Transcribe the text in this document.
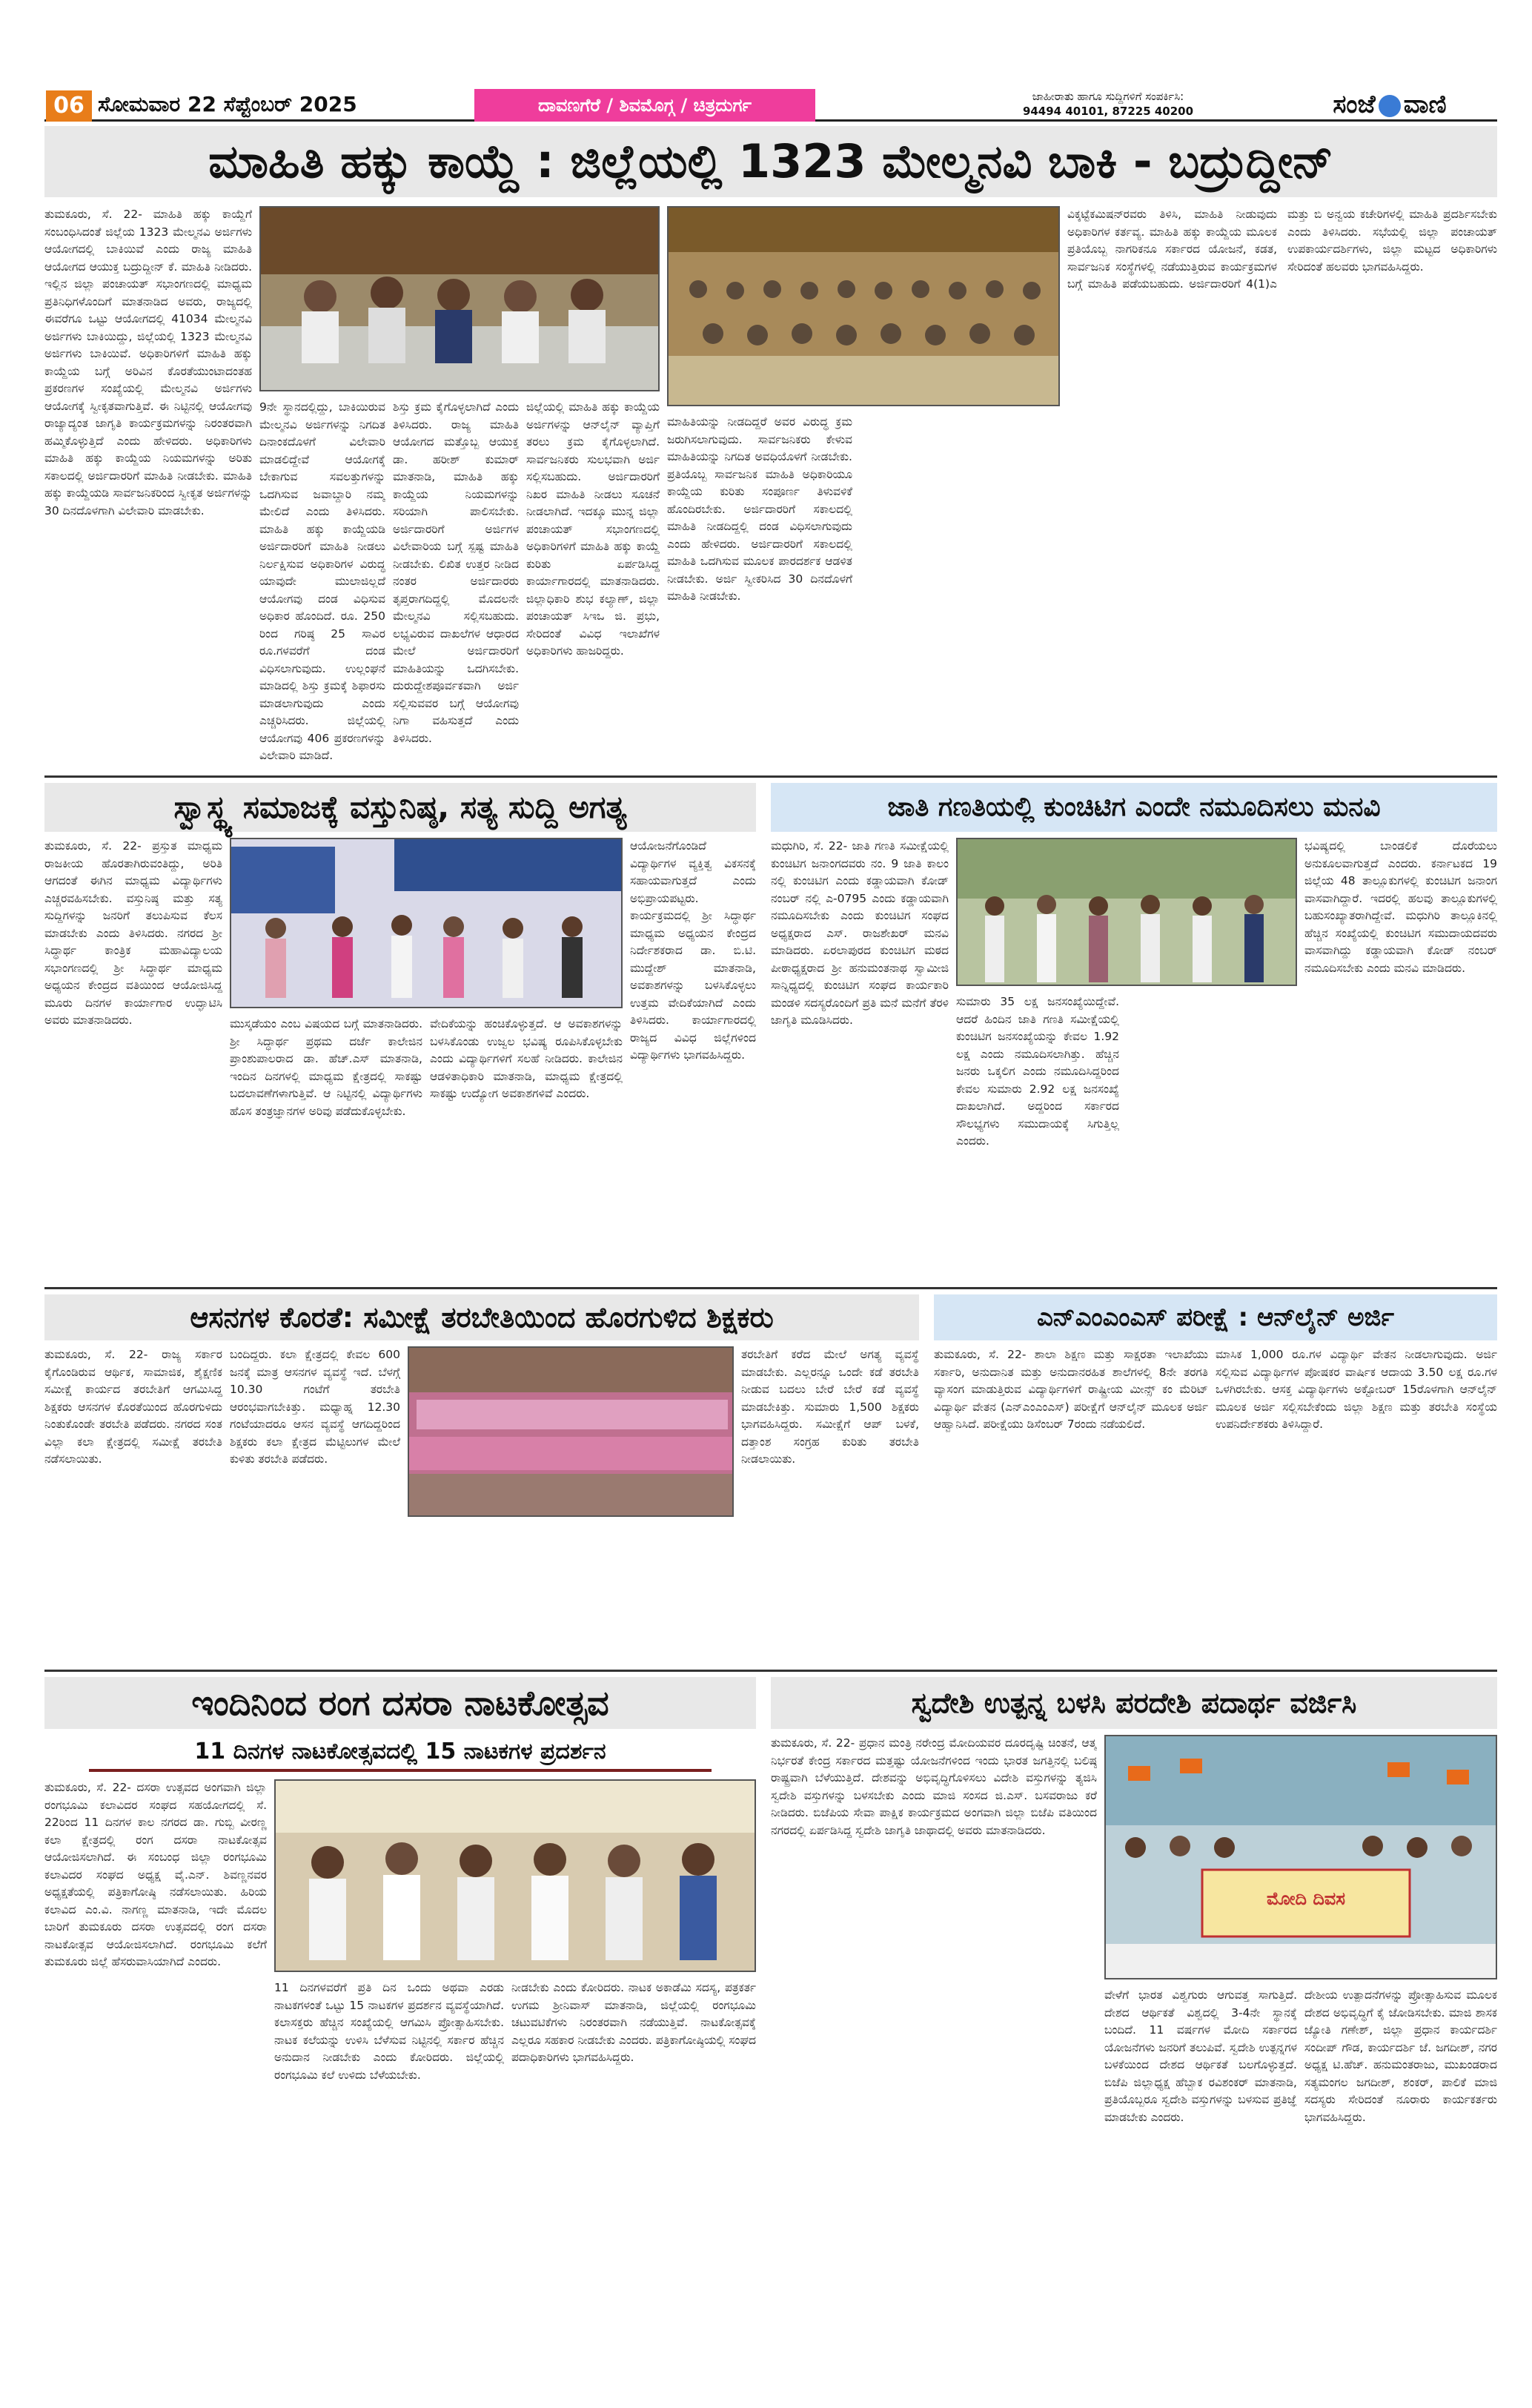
06 ಸೋಮವಾರ 22 ಸೆಪ್ಟೆಂಬರ್ 2025	ದಾವಣಗೆರೆ / ಶಿವಮೊಗ್ಗ / ಚಿತ್ರದುರ್ಗ	ಜಾಹೀರಾತು ಹಾಗೂ ಸುದ್ದಿಗಳಿಗೆ ಸಂಪರ್ಕಿಸಿ:
94494 40101, 87225 40200	ಸಂಜೆ ವಾಣಿ
ಮಾಹಿತಿ ಹಕ್ಕು ಕಾಯ್ದೆ : ಜಿಲ್ಲೆಯಲ್ಲಿ 1323 ಮೇಲ್ಮನವಿ ಬಾಕಿ - ಬದ್ರುದ್ದೀನ್
ತುಮಕೂರು, ಸೆ. 22- ಮಾಹಿತಿ ಹಕ್ಕು ಕಾಯ್ದೆಗೆ ಸಂಬಂಧಿಸಿದಂತೆ ಜಿಲ್ಲೆಯ 1323 ಮೇಲ್ಮನವಿ ಅರ್ಜಿಗಳು ಆಯೋಗದಲ್ಲಿ ಬಾಕಿಯಿವೆ ಎಂದು ರಾಜ್ಯ ಮಾಹಿತಿ ಆಯೋಗದ ಆಯುಕ್ತ ಬದ್ರುದ್ದೀನ್ ಕೆ. ಮಾಹಿತಿ ನೀಡಿದರು. ಇಲ್ಲಿನ ಜಿಲ್ಲಾ ಪಂಚಾಯತ್ ಸಭಾಂಗಣದಲ್ಲಿ ಮಾಧ್ಯಮ ಪ್ರತಿನಿಧಿಗಳೊಂದಿಗೆ ಮಾತನಾಡಿದ ಅವರು, ರಾಜ್ಯದಲ್ಲಿ ಈವರೆಗೂ ಒಟ್ಟು ಆಯೋಗದಲ್ಲಿ 41034 ಮೇಲ್ಮನವಿ ಅರ್ಜಿಗಳು ಬಾಕಿಯಿದ್ದು, ಜಿಲ್ಲೆಯಲ್ಲಿ 1323 ಮೇಲ್ಮನವಿ ಅರ್ಜಿಗಳು ಬಾಕಿಯಿವೆ. ಅಧಿಕಾರಿಗಳಿಗೆ ಮಾಹಿತಿ ಹಕ್ಕು ಕಾಯ್ದೆಯ ಬಗ್ಗೆ ಅರಿವಿನ ಕೊರತೆಯುಂಟಾದಂತಹ ಪ್ರಕರಣಗಳ ಸಂಖ್ಯೆಯಲ್ಲಿ ಮೇಲ್ಮನವಿ ಅರ್ಜಿಗಳು ಆಯೋಗಕ್ಕೆ ಸ್ವೀಕೃತವಾಗುತ್ತಿವೆ. ಈ ನಿಟ್ಟಿನಲ್ಲಿ ಆಯೋಗವು ರಾಜ್ಯಾದ್ಯಂತ ಜಾಗೃತಿ ಕಾರ್ಯಕ್ರಮಗಳನ್ನು ನಿರಂತರವಾಗಿ ಹಮ್ಮಿಕೊಳ್ಳುತ್ತಿದೆ ಎಂದು ಹೇಳಿದರು. ಅಧಿಕಾರಿಗಳು ಮಾಹಿತಿ ಹಕ್ಕು ಕಾಯ್ದೆಯ ನಿಯಮಗಳನ್ನು ಅರಿತು ಸಕಾಲದಲ್ಲಿ ಅರ್ಜಿದಾರರಿಗೆ ಮಾಹಿತಿ ನೀಡಬೇಕು. ಮಾಹಿತಿ ಹಕ್ಕು ಕಾಯ್ದೆಯಡಿ ಸಾರ್ವಜನಿಕರಿಂದ ಸ್ವೀಕೃತ ಅರ್ಜಿಗಳನ್ನು 30 ದಿನದೊಳಗಾಗಿ ವಿಲೇವಾರಿ ಮಾಡಬೇಕು.
9ನೇ ಸ್ಥಾನದಲ್ಲಿದ್ದು, ಬಾಕಿಯಿರುವ ಮೇಲ್ಮನವಿ ಅರ್ಜಿಗಳನ್ನು ನಿಗದಿತ ದಿನಾಂಕದೊಳಗೆ ವಿಲೇವಾರಿ ಮಾಡಲಿದ್ದೇವೆ ಆಯೋಗಕ್ಕೆ ಬೇಕಾಗುವ ಸವಲತ್ತುಗಳನ್ನು ಒದಗಿಸುವ ಜವಾಬ್ದಾರಿ ನಮ್ಮ ಮೇಲಿದೆ ಎಂದು ತಿಳಿಸಿದರು. ಮಾಹಿತಿ ಹಕ್ಕು ಕಾಯ್ದೆಯಡಿ ಅರ್ಜಿದಾರರಿಗೆ ಮಾಹಿತಿ ನೀಡಲು ನಿರ್ಲಕ್ಷಿಸುವ ಅಧಿಕಾರಿಗಳ ವಿರುದ್ಧ ಯಾವುದೇ ಮುಲಾಜಿಲ್ಲದೆ ಆಯೋಗವು ದಂಡ ವಿಧಿಸುವ ಅಧಿಕಾರ ಹೊಂದಿದೆ. ರೂ. 250 ರಿಂದ ಗರಿಷ್ಠ 25 ಸಾವಿರ ರೂ.ಗಳವರೆಗೆ ದಂಡ ವಿಧಿಸಲಾಗುವುದು. ಉಲ್ಲಂಘನೆ ಮಾಡಿದಲ್ಲಿ ಶಿಸ್ತು ಕ್ರಮಕ್ಕೆ ಶಿಫಾರಸು ಮಾಡಲಾಗುವುದು ಎಂದು ಎಚ್ಚರಿಸಿದರು. ಜಿಲ್ಲೆಯಲ್ಲಿ ಆಯೋಗವು 406 ಪ್ರಕರಣಗಳನ್ನು ವಿಲೇವಾರಿ ಮಾಡಿದೆ.
ಶಿಸ್ತು ಕ್ರಮ ಕೈಗೊಳ್ಳಲಾಗಿದೆ ಎಂದು ತಿಳಿಸಿದರು. ರಾಜ್ಯ ಮಾಹಿತಿ ಆಯೋಗದ ಮತ್ತೊಬ್ಬ ಆಯುಕ್ತ ಡಾ. ಹರೀಶ್ ಕುಮಾರ್ ಮಾತನಾಡಿ, ಮಾಹಿತಿ ಹಕ್ಕು ಕಾಯ್ದೆಯ ನಿಯಮಗಳನ್ನು ಸರಿಯಾಗಿ ಪಾಲಿಸಬೇಕು. ಅರ್ಜಿದಾರರಿಗೆ ಅರ್ಜಿಗಳ ವಿಲೇವಾರಿಯ ಬಗ್ಗೆ ಸ್ಪಷ್ಟ ಮಾಹಿತಿ ನೀಡಬೇಕು. ಲಿಖಿತ ಉತ್ತರ ನೀಡಿದ ನಂತರ ಅರ್ಜಿದಾರರು ತೃಪ್ತರಾಗದಿದ್ದಲ್ಲಿ ಮೊದಲನೇ ಮೇಲ್ಮನವಿ ಸಲ್ಲಿಸಬಹುದು. ಲಭ್ಯವಿರುವ ದಾಖಲೆಗಳ ಆಧಾರದ ಮೇಲೆ ಅರ್ಜಿದಾರರಿಗೆ ಮಾಹಿತಿಯನ್ನು ಒದಗಿಸಬೇಕು. ದುರುದ್ದೇಶಪೂರ್ವಕವಾಗಿ ಅರ್ಜಿ ಸಲ್ಲಿಸುವವರ ಬಗ್ಗೆ ಆಯೋಗವು ನಿಗಾ ವಹಿಸುತ್ತದೆ ಎಂದು ತಿಳಿಸಿದರು.
ಜಿಲ್ಲೆಯಲ್ಲಿ ಮಾಹಿತಿ ಹಕ್ಕು ಕಾಯ್ದೆಯ ಅರ್ಜಿಗಳನ್ನು ಆನ್‍ಲೈನ್ ವ್ಯಾಪ್ತಿಗೆ ತರಲು ಕ್ರಮ ಕೈಗೊಳ್ಳಲಾಗಿದೆ. ಸಾರ್ವಜನಿಕರು ಸುಲಭವಾಗಿ ಅರ್ಜಿ ಸಲ್ಲಿಸಬಹುದು. ಅರ್ಜಿದಾರರಿಗೆ ನಿಖರ ಮಾಹಿತಿ ನೀಡಲು ಸೂಚನೆ ನೀಡಲಾಗಿದೆ. ಇದಕ್ಕೂ ಮುನ್ನ ಜಿಲ್ಲಾ ಪಂಚಾಯತ್ ಸಭಾಂಗಣದಲ್ಲಿ ಅಧಿಕಾರಿಗಳಿಗೆ ಮಾಹಿತಿ ಹಕ್ಕು ಕಾಯ್ದೆ ಕುರಿತು ಏರ್ಪಡಿಸಿದ್ದ ಕಾರ್ಯಾಗಾರದಲ್ಲಿ ಮಾತನಾಡಿದರು. ಜಿಲ್ಲಾಧಿಕಾರಿ ಶುಭ ಕಲ್ಯಾಣ್, ಜಿಲ್ಲಾ ಪಂಚಾಯತ್ ಸಿಇಒ ಜಿ. ಪ್ರಭು, ಸೇರಿದಂತೆ ವಿವಿಧ ಇಲಾಖೆಗಳ ಅಧಿಕಾರಿಗಳು ಹಾಜರಿದ್ದರು.
ಮಾಹಿತಿಯನ್ನು ನೀಡದಿದ್ದರೆ ಅವರ ವಿರುದ್ಧ ಕ್ರಮ ಜರುಗಿಸಲಾಗುವುದು. ಸಾರ್ವಜನಿಕರು ಕೇಳುವ ಮಾಹಿತಿಯನ್ನು ನಿಗದಿತ ಅವಧಿಯೊಳಗೆ ನೀಡಬೇಕು. ಪ್ರತಿಯೊಬ್ಬ ಸಾರ್ವಜನಿಕ ಮಾಹಿತಿ ಅಧಿಕಾರಿಯೂ ಕಾಯ್ದೆಯ ಕುರಿತು ಸಂಪೂರ್ಣ ತಿಳುವಳಿಕೆ ಹೊಂದಿರಬೇಕು. ಅರ್ಜಿದಾರರಿಗೆ ಸಕಾಲದಲ್ಲಿ ಮಾಹಿತಿ ನೀಡದಿದ್ದಲ್ಲಿ ದಂಡ ವಿಧಿಸಲಾಗುವುದು ಎಂದು ಹೇಳಿದರು. ಅರ್ಜಿದಾರರಿಗೆ ಸಕಾಲದಲ್ಲಿ ಮಾಹಿತಿ ಒದಗಿಸುವ ಮೂಲಕ ಪಾರದರ್ಶಕ ಆಡಳಿತ ನೀಡಬೇಕು. ಅರ್ಜಿ ಸ್ವೀಕರಿಸಿದ 30 ದಿನದೊಳಗೆ ಮಾಹಿತಿ ನೀಡಬೇಕು.
ವಿಕ್ಕಟ್ಟೆಕಮಿಷನ್‍ರವರು ತಿಳಿಸಿ, ಮಾಹಿತಿ ನೀಡುವುದು ಅಧಿಕಾರಿಗಳ ಕರ್ತವ್ಯ. ಮಾಹಿತಿ ಹಕ್ಕು ಕಾಯ್ದೆಯ ಮೂಲಕ ಪ್ರತಿಯೊಬ್ಬ ನಾಗರಿಕನೂ ಸರ್ಕಾರದ ಯೋಜನೆ, ಕಡತ, ಸಾರ್ವಜನಿಕ ಸಂಸ್ಥೆಗಳಲ್ಲಿ ನಡೆಯುತ್ತಿರುವ ಕಾರ್ಯಕ್ರಮಗಳ ಬಗ್ಗೆ ಮಾಹಿತಿ ಪಡೆಯಬಹುದು. ಅರ್ಜಿದಾರರಿಗೆ 4(1)ಎ ಮತ್ತು ಬಿ ಅನ್ವಯ ಕಚೇರಿಗಳಲ್ಲಿ ಮಾಹಿತಿ ಪ್ರದರ್ಶಿಸಬೇಕು ಎಂದು ತಿಳಿಸಿದರು. ಸಭೆಯಲ್ಲಿ ಜಿಲ್ಲಾ ಪಂಚಾಯತ್ ಉಪಕಾರ್ಯದರ್ಶಿಗಳು, ಜಿಲ್ಲಾ ಮಟ್ಟದ ಅಧಿಕಾರಿಗಳು ಸೇರಿದಂತೆ ಹಲವರು ಭಾಗವಹಿಸಿದ್ದರು.
ಸ್ವಾಸ್ಥ್ಯ ಸಮಾಜಕ್ಕೆ ವಸ್ತುನಿಷ್ಠ, ಸತ್ಯ ಸುದ್ದಿ ಅಗತ್ಯ
ತುಮಕೂರು, ಸೆ. 22- ಪ್ರಸ್ತುತ ಮಾಧ್ಯಮ ರಾಜಕೀಯ ಹೊರತಾಗಿರುವಂತಿದ್ದು, ಅರಿತಿ ಆಗದಂತೆ ಈಗಿನ ಮಾಧ್ಯಮ ವಿದ್ಯಾರ್ಥಿಗಳು ಎಚ್ಚರವಹಿಸಬೇಕು. ವಸ್ತುನಿಷ್ಠ ಮತ್ತು ಸತ್ಯ ಸುದ್ದಿಗಳನ್ನು ಜನರಿಗೆ ತಲುಪಿಸುವ ಕೆಲಸ ಮಾಡಬೇಕು ಎಂದು ತಿಳಿಸಿದರು. ನಗರದ ಶ್ರೀ ಸಿದ್ಧಾರ್ಥ ಕಾಂತ್ರಿಕ ಮಹಾವಿದ್ಯಾಲಯ ಸಭಾಂಗಣದಲ್ಲಿ ಶ್ರೀ ಸಿದ್ಧಾರ್ಥ ಮಾಧ್ಯಮ ಅಧ್ಯಯನ ಕೇಂದ್ರದ ವತಿಯಿಂದ ಆಯೋಜಿಸಿದ್ದ ಮೂರು ದಿನಗಳ ಕಾರ್ಯಾಗಾರ ಉದ್ಘಾಟಿಸಿ ಅವರು ಮಾತನಾಡಿದರು.	ಮುಸ್ಕಡೆಯಂ ಎಂಬ ವಿಷಯದ ಬಗ್ಗೆ ಮಾತನಾಡಿದರು. ಶ್ರೀ ಸಿದ್ಧಾರ್ಥ ಪ್ರಥಮ ದರ್ಜೆ ಕಾಲೇಜಿನ ಪ್ರಾಂಶುಪಾಲರಾದ ಡಾ. ಹೆಚ್.ಎಸ್ ಮಾತನಾಡಿ, ಇಂದಿನ ದಿನಗಳಲ್ಲಿ ಮಾಧ್ಯಮ ಕ್ಷೇತ್ರದಲ್ಲಿ ಸಾಕಷ್ಟು ಬದಲಾವಣೆಗಳಾಗುತ್ತಿವೆ. ಆ ನಿಟ್ಟಿನಲ್ಲಿ ವಿದ್ಯಾರ್ಥಿಗಳು ಹೊಸ ತಂತ್ರಜ್ಞಾನಗಳ ಅರಿವು ಪಡೆದುಕೊಳ್ಳಬೇಕು.
ವೇದಿಕೆಯನ್ನು ಹಂಚಿಕೊಳ್ಳುತ್ತದೆ. ಆ ಅವಕಾಶಗಳನ್ನು ಬಳಸಿಕೊಂಡು ಉಜ್ವಲ ಭವಿಷ್ಯ ರೂಪಿಸಿಕೊಳ್ಳಬೇಕು ಎಂದು ವಿದ್ಯಾರ್ಥಿಗಳಿಗೆ ಸಲಹೆ ನೀಡಿದರು. ಕಾಲೇಜಿನ ಆಡಳಿತಾಧಿಕಾರಿ ಮಾತನಾಡಿ, ಮಾಧ್ಯಮ ಕ್ಷೇತ್ರದಲ್ಲಿ ಸಾಕಷ್ಟು ಉದ್ಯೋಗ ಅವಕಾಶಗಳಿವೆ ಎಂದರು.
ಆಯೋಜನೆಗೊಂಡಿದೆ ವಿದ್ಯಾರ್ಥಿಗಳ ವ್ಯಕ್ತಿತ್ವ ವಿಕಸನಕ್ಕೆ ಸಹಾಯವಾಗುತ್ತದೆ ಎಂದು ಅಭಿಪ್ರಾಯಪಟ್ಟರು. ಕಾರ್ಯಕ್ರಮದಲ್ಲಿ ಶ್ರೀ ಸಿದ್ಧಾರ್ಥ ಮಾಧ್ಯಮ ಅಧ್ಯಯನ ಕೇಂದ್ರದ ನಿರ್ದೇಶಕರಾದ ಡಾ. ಬಿ.ಟಿ. ಮುದ್ದೇಶ್ ಮಾತನಾಡಿ, ಅವಕಾಶಗಳನ್ನು ಬಳಸಿಕೊಳ್ಳಲು ಉತ್ತಮ ವೇದಿಕೆಯಾಗಿದೆ ಎಂದು ತಿಳಿಸಿದರು. ಕಾರ್ಯಾಗಾರದಲ್ಲಿ ರಾಜ್ಯದ ವಿವಿಧ ಜಿಲ್ಲೆಗಳಿಂದ ವಿದ್ಯಾರ್ಥಿಗಳು ಭಾಗವಹಿಸಿದ್ದರು.
ಜಾತಿ ಗಣತಿಯಲ್ಲಿ ಕುಂಚಿಟಿಗ ಎಂದೇ ನಮೂದಿಸಲು ಮನವಿ
ಮಧುಗಿರಿ, ಸೆ. 22- ಜಾತಿ ಗಣತಿ ಸಮೀಕ್ಷೆಯಲ್ಲಿ ಕುಂಚಿಟಿಗ ಜನಾಂಗದವರು ನಂ. 9 ಜಾತಿ ಕಾಲಂ ನಲ್ಲಿ ಕುಂಚಿಟಿಗ ಎಂದು ಕಡ್ಡಾಯವಾಗಿ ಕೋಡ್ ನಂಬರ್ ನಲ್ಲಿ ಎ-0795 ಎಂದು ಕಡ್ಡಾಯವಾಗಿ ನಮೂದಿಸಬೇಕು ಎಂದು ಕುಂಚಿಟಿಗ ಸಂಘದ ಅಧ್ಯಕ್ಷರಾದ ಎಸ್. ರಾಜಶೇಖರ್ ಮನವಿ ಮಾಡಿದರು. ಏರಲಾಪುರದ ಕುಂಚಿಟಿಗ ಮಠದ ಪೀಠಾಧ್ಯಕ್ಷರಾದ ಶ್ರೀ ಹನುಮಂತನಾಥ ಸ್ವಾಮೀಜಿ ಸಾನ್ನಿಧ್ಯದಲ್ಲಿ ಕುಂಚಿಟಿಗ ಸಂಘದ ಕಾರ್ಯಕಾರಿ ಮಂಡಳಿ ಸದಸ್ಯರೊಂದಿಗೆ ಪ್ರತಿ ಮನೆ ಮನೆಗೆ ತೆರಳಿ ಜಾಗೃತಿ ಮೂಡಿಸಿದರು.
ಸುಮಾರು 35 ಲಕ್ಷ ಜನಸಂಖ್ಯೆಯಿದ್ದೇವೆ. ಆದರೆ ಹಿಂದಿನ ಜಾತಿ ಗಣತಿ ಸಮೀಕ್ಷೆಯಲ್ಲಿ ಕುಂಚಿಟಿಗ ಜನಸಂಖ್ಯೆಯನ್ನು ಕೇವಲ 1.92 ಲಕ್ಷ ಎಂದು ನಮೂದಿಸಲಾಗಿತ್ತು. ಹೆಚ್ಚಿನ ಜನರು ಒಕ್ಕಲಿಗ ಎಂದು ನಮೂದಿಸಿದ್ದರಿಂದ ಕೇವಲ ಸುಮಾರು 2.92 ಲಕ್ಷ ಜನಸಂಖ್ಯೆ ದಾಖಲಾಗಿದೆ. ಅದ್ದರಿಂದ ಸರ್ಕಾರದ ಸೌಲಭ್ಯಗಳು ಸಮುದಾಯಕ್ಕೆ ಸಿಗುತ್ತಿಲ್ಲ ಎಂದರು.
ಭವಿಷ್ಯದಲ್ಲಿ ಬಾಂಡಲಿಕೆ ದೊರೆಯಲು ಅನುಕೂಲವಾಗುತ್ತದೆ ಎಂದರು. ಕರ್ನಾಟಕದ 19 ಜಿಲ್ಲೆಯ 48 ತಾಲ್ಲೂಕುಗಳಲ್ಲಿ ಕುಂಚಿಟಿಗ ಜನಾಂಗ ವಾಸವಾಗಿದ್ದಾರೆ. ಇದರಲ್ಲಿ ಹಲವು ತಾಲ್ಲೂಕುಗಳಲ್ಲಿ ಬಹುಸಂಖ್ಯಾತರಾಗಿದ್ದೇವೆ. ಮಧುಗಿರಿ ತಾಲ್ಲೂಕಿನಲ್ಲಿ ಹೆಚ್ಚಿನ ಸಂಖ್ಯೆಯಲ್ಲಿ ಕುಂಚಿಟಿಗ ಸಮುದಾಯದವರು ವಾಸವಾಗಿದ್ದು ಕಡ್ಡಾಯವಾಗಿ ಕೋಡ್ ನಂಬರ್ ನಮೂದಿಸಬೇಕು ಎಂದು ಮನವಿ ಮಾಡಿದರು.
ಆಸನಗಳ ಕೊರತೆ: ಸಮೀಕ್ಷೆ ತರಬೇತಿಯಿಂದ ಹೊರಗುಳಿದ ಶಿಕ್ಷಕರು
ತುಮಕೂರು, ಸೆ. 22- ರಾಜ್ಯ ಸರ್ಕಾರ ಕೈಗೊಂಡಿರುವ ಆರ್ಥಿಕ, ಸಾಮಾಜಿಕ, ಶೈಕ್ಷಣಿಕ ಸಮೀಕ್ಷೆ ಕಾರ್ಯದ ತರಬೇತಿಗೆ ಆಗಮಿಸಿದ್ದ ಶಿಕ್ಷಕರು ಆಸನಗಳ ಕೊರತೆಯಿಂದ ಹೊರಗುಳಿದು ನಿಂತುಕೊಂಡೇ ತರಬೇತಿ ಪಡೆದರು. ನಗರದ ಸಂತ ವಿಲ್ಲಾ ಕಲಾ ಕ್ಷೇತ್ರದಲ್ಲಿ ಸಮೀಕ್ಷೆ ತರಬೇತಿ ನಡೆಸಲಾಯಿತು.
ಬಂದಿದ್ದರು. ಕಲಾ ಕ್ಷೇತ್ರದಲ್ಲಿ ಕೇವಲ 600 ಜನಕ್ಕೆ ಮಾತ್ರ ಆಸನಗಳ ವ್ಯವಸ್ಥೆ ಇದೆ. ಬೆಳಗ್ಗೆ 10.30 ಗಂಟೆಗೆ ತರಬೇತಿ ಆರಂಭವಾಗಬೇಕಿತ್ತು. ಮಧ್ಯಾಹ್ನ 12.30 ಗಂಟೆಯಾದರೂ ಆಸನ ವ್ಯವಸ್ಥೆ ಆಗದಿದ್ದರಿಂದ ಶಿಕ್ಷಕರು ಕಲಾ ಕ್ಷೇತ್ರದ ಮೆಟ್ಟಿಲುಗಳ ಮೇಲೆ ಕುಳಿತು ತರಬೇತಿ ಪಡೆದರು.
ತರಬೇತಿಗೆ ಕರೆದ ಮೇಲೆ ಅಗತ್ಯ ವ್ಯವಸ್ಥೆ ಮಾಡಬೇಕು. ಎಲ್ಲರನ್ನೂ ಒಂದೇ ಕಡೆ ತರಬೇತಿ ನೀಡುವ ಬದಲು ಬೇರೆ ಬೇರೆ ಕಡೆ ವ್ಯವಸ್ಥೆ ಮಾಡಬೇಕಿತ್ತು. ಸುಮಾರು 1,500 ಶಿಕ್ಷಕರು ಭಾಗವಹಿಸಿದ್ದರು. ಸಮೀಕ್ಷೆಗೆ ಆಪ್ ಬಳಕೆ, ದತ್ತಾಂಶ ಸಂಗ್ರಹ ಕುರಿತು ತರಬೇತಿ ನೀಡಲಾಯಿತು.
ಎನ್‍ಎಂಎಂಎಸ್ ಪರೀಕ್ಷೆ : ಆನ್‍ಲೈನ್ ಅರ್ಜಿ
ತುಮಕೂರು, ಸೆ. 22- ಶಾಲಾ ಶಿಕ್ಷಣ ಮತ್ತು ಸಾಕ್ಷರತಾ ಇಲಾಖೆಯು ಸರ್ಕಾರಿ, ಅನುದಾನಿತ ಮತ್ತು ಅನುದಾನರಹಿತ ಶಾಲೆಗಳಲ್ಲಿ 8ನೇ ತರಗತಿ ವ್ಯಾಸಂಗ ಮಾಡುತ್ತಿರುವ ವಿದ್ಯಾರ್ಥಿಗಳಿಗೆ ರಾಷ್ಟ್ರೀಯ ಮೀನ್ಸ್ ಕಂ ಮೆರಿಟ್ ವಿದ್ಯಾರ್ಥಿ ವೇತನ (ಎನ್‍ಎಂಎಂಎಸ್) ಪರೀಕ್ಷೆಗೆ ಆನ್‍ಲೈನ್ ಮೂಲಕ ಅರ್ಜಿ ಆಹ್ವಾನಿಸಿದೆ. ಪರೀಕ್ಷೆಯು ಡಿಸೆಂಬರ್ 7ರಂದು ನಡೆಯಲಿದೆ.
ಮಾಸಿಕ 1,000 ರೂ.ಗಳ ವಿದ್ಯಾರ್ಥಿ ವೇತನ ನೀಡಲಾಗುವುದು. ಅರ್ಜಿ ಸಲ್ಲಿಸುವ ವಿದ್ಯಾರ್ಥಿಗಳ ಪೋಷಕರ ವಾರ್ಷಿಕ ಆದಾಯ 3.50 ಲಕ್ಷ ರೂ.ಗಳ ಒಳಗಿರಬೇಕು. ಆಸಕ್ತ ವಿದ್ಯಾರ್ಥಿಗಳು ಅಕ್ಟೋಬರ್ 15ರೊಳಗಾಗಿ ಆನ್‍ಲೈನ್ ಮೂಲಕ ಅರ್ಜಿ ಸಲ್ಲಿಸಬೇಕೆಂದು ಜಿಲ್ಲಾ ಶಿಕ್ಷಣ ಮತ್ತು ತರಬೇತಿ ಸಂಸ್ಥೆಯ ಉಪನಿರ್ದೇಶಕರು ತಿಳಿಸಿದ್ದಾರೆ.
ಇಂದಿನಿಂದ ರಂಗ ದಸರಾ ನಾಟಕೋತ್ಸವ
11 ದಿನಗಳ ನಾಟಕೋತ್ಸವದಲ್ಲಿ 15 ನಾಟಕಗಳ ಪ್ರದರ್ಶನ
ತುಮಕೂರು, ಸೆ. 22- ದಸರಾ ಉತ್ಸವದ ಅಂಗವಾಗಿ ಜಿಲ್ಲಾ ರಂಗಭೂಮಿ ಕಲಾವಿದರ ಸಂಘದ ಸಹಯೋಗದಲ್ಲಿ ಸೆ. 22ರಿಂದ 11 ದಿನಗಳ ಕಾಲ ನಗರದ ಡಾ. ಗುಬ್ಬಿ ವೀರಣ್ಣ ಕಲಾ ಕ್ಷೇತ್ರದಲ್ಲಿ ರಂಗ ದಸರಾ ನಾಟಕೋತ್ಸವ ಆಯೋಜಿಸಲಾಗಿದೆ. ಈ ಸಂಬಂಧ ಜಿಲ್ಲಾ ರಂಗಭೂಮಿ ಕಲಾವಿದರ ಸಂಘದ ಅಧ್ಯಕ್ಷ ವೈ.ಎನ್. ಶಿವಣ್ಣನವರ ಅಧ್ಯಕ್ಷತೆಯಲ್ಲಿ ಪತ್ರಿಕಾಗೋಷ್ಠಿ ನಡೆಸಲಾಯಿತು. ಹಿರಿಯ ಕಲಾವಿದ ಎಂ.ವಿ. ನಾಗಣ್ಣ ಮಾತನಾಡಿ, ಇದೇ ಮೊದಲ ಬಾರಿಗೆ ತುಮಕೂರು ದಸರಾ ಉತ್ಸವದಲ್ಲಿ ರಂಗ ದಸರಾ ನಾಟಕೋತ್ಸವ ಆಯೋಜಿಸಲಾಗಿದೆ. ರಂಗಭೂಮಿ ಕಲೆಗೆ ತುಮಕೂರು ಜಿಲ್ಲೆ ಹೆಸರುವಾಸಿಯಾಗಿದೆ ಎಂದರು.
11 ದಿನಗಳವರೆಗೆ ಪ್ರತಿ ದಿನ ಒಂದು ಅಥವಾ ಎರಡು ನಾಟಕಗಳಂತೆ ಒಟ್ಟು 15 ನಾಟಕಗಳ ಪ್ರದರ್ಶನ ವ್ಯವಸ್ಥೆಯಾಗಿದೆ. ಕಲಾಸಕ್ತರು ಹೆಚ್ಚಿನ ಸಂಖ್ಯೆಯಲ್ಲಿ ಆಗಮಿಸಿ ಪ್ರೋತ್ಸಾಹಿಸಬೇಕು. ನಾಟಕ ಕಲೆಯನ್ನು ಉಳಿಸಿ ಬೆಳೆಸುವ ನಿಟ್ಟಿನಲ್ಲಿ ಸರ್ಕಾರ ಹೆಚ್ಚಿನ ಅನುದಾನ ನೀಡಬೇಕು ಎಂದು ಕೋರಿದರು. ಜಿಲ್ಲೆಯಲ್ಲಿ ರಂಗಭೂಮಿ ಕಲೆ ಉಳಿದು ಬೆಳೆಯಬೇಕು.
ನೀಡಬೇಕು ಎಂದು ಕೋರಿದರು. ನಾಟಕ ಅಕಾಡೆಮಿ ಸದಸ್ಯ, ಪತ್ರಕರ್ತ ಉಗಮ ಶ್ರೀನಿವಾಸ್ ಮಾತನಾಡಿ, ಜಿಲ್ಲೆಯಲ್ಲಿ ರಂಗಭೂಮಿ ಚಟುವಟಿಕೆಗಳು ನಿರಂತರವಾಗಿ ನಡೆಯುತ್ತಿವೆ. ನಾಟಕೋತ್ಸವಕ್ಕೆ ಎಲ್ಲರೂ ಸಹಕಾರ ನೀಡಬೇಕು ಎಂದರು. ಪತ್ರಿಕಾಗೋಷ್ಠಿಯಲ್ಲಿ ಸಂಘದ ಪದಾಧಿಕಾರಿಗಳು ಭಾಗವಹಿಸಿದ್ದರು.
ಸ್ವದೇಶಿ ಉತ್ಪನ್ನ ಬಳಸಿ ಪರದೇಶಿ ಪದಾರ್ಥ ವರ್ಜಿಸಿ
ತುಮಕೂರು, ಸೆ. 22- ಪ್ರಧಾನ ಮಂತ್ರಿ ನರೇಂದ್ರ ಮೋದಿಯವರ ದೂರದೃಷ್ಟಿ ಚಿಂತನೆ, ಆತ್ಮ ನಿರ್ಭರತೆ ಕೇಂದ್ರ ಸರ್ಕಾರದ ಮತ್ತಷ್ಟು ಯೋಜನೆಗಳಿಂದ ಇಂದು ಭಾರತ ಜಗತ್ತಿನಲ್ಲಿ ಬಲಿಷ್ಠ ರಾಷ್ಟ್ರವಾಗಿ ಬೆಳೆಯುತ್ತಿದೆ. ದೇಶವನ್ನು ಅಭಿವೃದ್ಧಿಗೊಳಿಸಲು ವಿದೇಶಿ ವಸ್ತುಗಳನ್ನು ತ್ಯಜಿಸಿ ಸ್ವದೇಶಿ ವಸ್ತುಗಳನ್ನು ಬಳಸಬೇಕು ಎಂದು ಮಾಜಿ ಸಂಸದ ಜಿ.ಎಸ್. ಬಸವರಾಜು ಕರೆ ನೀಡಿದರು. ಬಿಜೆಪಿಯ ಸೇವಾ ಪಾಕ್ಷಿಕ ಕಾರ್ಯಕ್ರಮದ ಅಂಗವಾಗಿ ಜಿಲ್ಲಾ ಬಿಜೆಪಿ ವತಿಯಿಂದ ನಗರದಲ್ಲಿ ಏರ್ಪಡಿಸಿದ್ದ ಸ್ವದೇಶಿ ಜಾಗೃತಿ ಜಾಥಾದಲ್ಲಿ ಅವರು ಮಾತನಾಡಿದರು.
ಮೋದಿ ದಿವಸ
ವೇಳೆಗೆ ಭಾರತ ವಿಶ್ವಗುರು ಆಗುವತ್ತ ಸಾಗುತ್ತಿದೆ. ದೇಶದ ಆರ್ಥಿಕತೆ ವಿಶ್ವದಲ್ಲಿ 3-4ನೇ ಸ್ಥಾನಕ್ಕೆ ಬಂದಿದೆ. 11 ವರ್ಷಗಳ ಮೋದಿ ಸರ್ಕಾರದ ಯೋಜನೆಗಳು ಜನರಿಗೆ ತಲುಪಿವೆ. ಸ್ವದೇಶಿ ಉತ್ಪನ್ನಗಳ ಬಳಕೆಯಿಂದ ದೇಶದ ಆರ್ಥಿಕತೆ ಬಲಗೊಳ್ಳುತ್ತದೆ. ಬಿಜೆಪಿ ಜಿಲ್ಲಾಧ್ಯಕ್ಷ ಹೆಬ್ಬಾಕ ರವಿಶಂಕರ್ ಮಾತನಾಡಿ, ಪ್ರತಿಯೊಬ್ಬರೂ ಸ್ವದೇಶಿ ವಸ್ತುಗಳನ್ನು ಬಳಸುವ ಪ್ರತಿಜ್ಞೆ ಮಾಡಬೇಕು ಎಂದರು.
ದೇಶೀಯ ಉತ್ಪಾದನೆಗಳನ್ನು ಪ್ರೋತ್ಸಾಹಿಸುವ ಮೂಲಕ ದೇಶದ ಅಭಿವೃದ್ಧಿಗೆ ಕೈ ಜೋಡಿಸಬೇಕು. ಮಾಜಿ ಶಾಸಕ ಜ್ಯೋತಿ ಗಣೇಶ್, ಜಿಲ್ಲಾ ಪ್ರಧಾನ ಕಾರ್ಯದರ್ಶಿ ಸಂದೀಪ್ ಗೌಡ, ಕಾರ್ಯದರ್ಶಿ ಜೆ. ಜಗದೀಶ್, ನಗರ ಅಧ್ಯಕ್ಷ ಟಿ.ಹೆಚ್. ಹನುಮಂತರಾಜು, ಮುಖಂಡರಾದ ಸತ್ಯಮಂಗಲ ಜಗದೀಶ್, ಶಂಕರ್, ಪಾಲಿಕೆ ಮಾಜಿ ಸದಸ್ಯರು ಸೇರಿದಂತೆ ನೂರಾರು ಕಾರ್ಯಕರ್ತರು ಭಾಗವಹಿಸಿದ್ದರು.
